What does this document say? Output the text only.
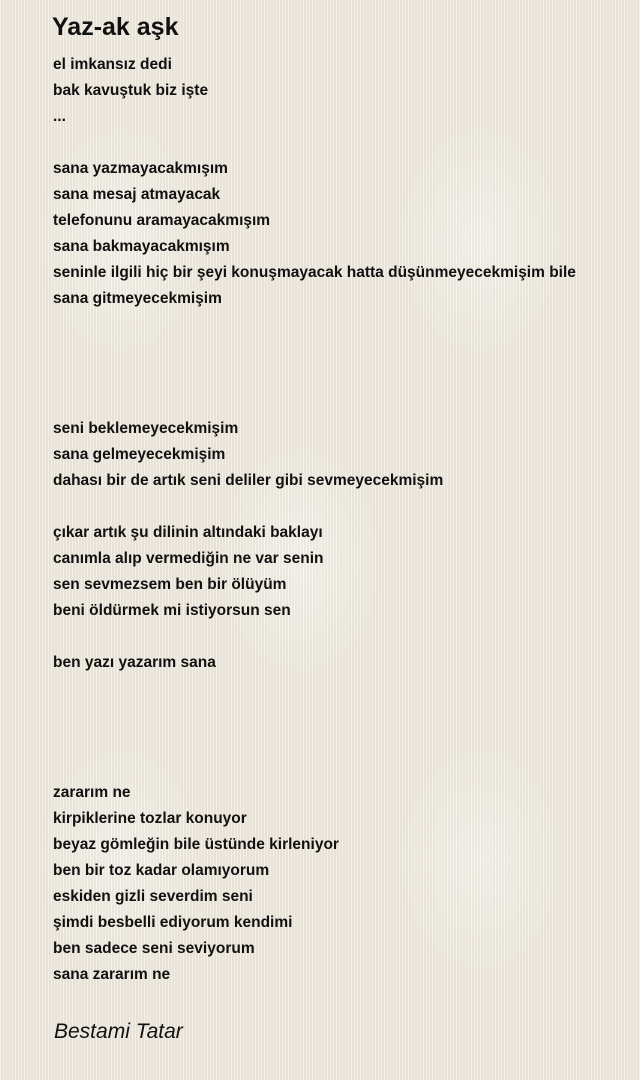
Yaz-ak aşk
el imkansız dedi
bak kavuştuk biz işte
...
sana yazmayacakmışım
sana mesaj atmayacak
telefonunu aramayacakmışım
sana bakmayacakmışım
seninle ilgili hiç bir şeyi konuşmayacak hatta düşünmeyecekmişim bile
sana gitmeyecekmişim
seni beklemeyecekmişim
sana gelmeyecekmişim
dahası bir de artık seni deliler gibi sevmeyecekmişim
çıkar artık şu dilinin altındaki baklayı
canımla alıp vermediğin ne var senin
sen sevmezsem ben bir ölüyüm
beni öldürmek mi istiyorsun sen
ben yazı yazarım sana
zararım ne
kirpiklerine tozlar konuyor
beyaz gömleğin bile üstünde kirleniyor
ben bir toz kadar olamıyorum
eskiden gizli severdim seni
şimdi besbelli ediyorum kendimi
ben sadece seni seviyorum
sana zararım ne
Bestami Tatar
